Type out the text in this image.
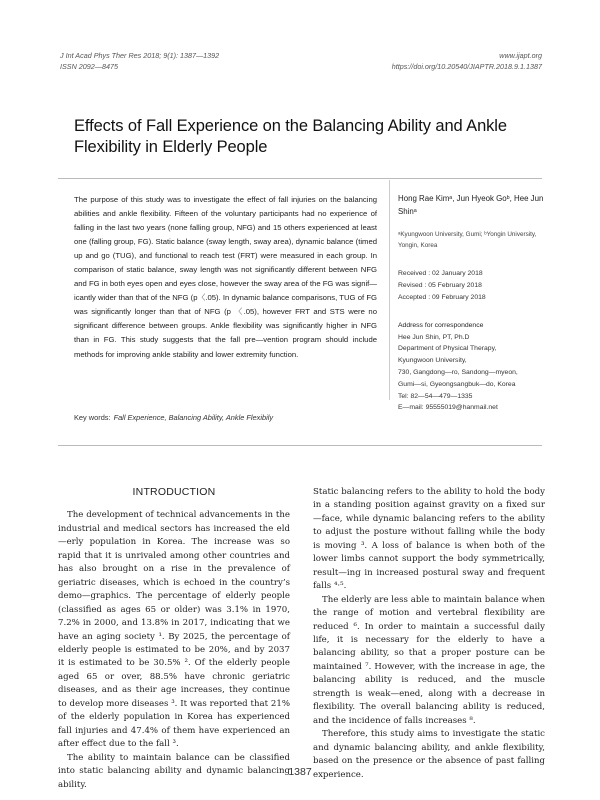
J Int Acad Phys Ther Res 2018; 9(1): 1387—1392
ISSN 2092—8475
www.ijapt.org
https://doi.org/10.20540/JIAPTR.2018.9.1.1387
Effects of Fall Experience on the Balancing Ability and Ankle Flexibility in Elderly People
The purpose of this study was to investigate the effect of fall injuries on the balancing abilities and ankle flexibility. Fifteen of the voluntary participants had no experience of falling in the last two years (none falling group, NFG) and 15 others experienced at least one (falling group, FG). Static balance (sway length, sway area), dynamic balance (timed up and go (TUG), and functional to reach test (FRT) were measured in each group. In comparison of static balance, sway length was not significantly different between NFG and FG in both eyes open and eyes close, however the sway area of the FG was signif—icantly wider than that of the NFG (p〈.05). In dynamic balance comparisons, TUG of FG was significantly longer than that of NFG (p 〈.05), however FRT and STS were no significant difference between groups. Ankle flexibility was significantly higher in NFG than in FG. This study suggests that the fall pre—vention program should include methods for improving ankle stability and lower extremity function.
Hong Rae Kimᵃ, Jun Hyeok Goᵇ, Hee Jun Shinᵃ
ᵃKyungwoon University, Gumi; ᵇYongin University, Yongin, Korea
Received : 02 January 2018
Revised : 05 February 2018
Accepted : 09 February 2018
Address for correspondence
Hee Jun Shin, PT, Ph.D
Department of Physical Therapy,
Kyungwoon University,
730, Gangdong—ro, Sandong—myeon,
Gumi—si, Gyeongsangbuk—do, Korea
Tel: 82—54—479—1335
E—mail: 95555019@hanmail.net
Key words: Fall Experience, Balancing Ability, Ankle Flexibily
INTRODUCTION

The development of technical advancements in the industrial and medical sectors has increased the eld—erly population in Korea. The increase was so rapid that it is unrivaled among other countries and has also brought on a rise in the prevalence of geriatric diseases, which is echoed in the country’s demo—graphics. The percentage of elderly people (classified as ages 65 or older) was 3.1% in 1970, 7.2% in 2000, and 13.8% in 2017, indicating that we have an aging society ¹. By 2025, the percentage of elderly people is estimated to be 20%, and by 2037 it is estimated to be 30.5% ². Of the elderly people aged 65 or over, 88.5% have chronic geriatric diseases, and as their age increases, they continue to develop more diseases ³. It was reported that 21% of the elderly population in Korea has experienced fall injuries and 47.4% of them have experienced an after effect due to the fall ³.

The ability to maintain balance can be classified into static balancing ability and dynamic balancing ability.

Static balancing refers to the ability to hold the body in a standing position against gravity on a fixed sur—face, while dynamic balancing refers to the ability to adjust the posture without falling while the body is moving ³. A loss of balance is when both of the lower limbs cannot support the body symmetrically, result—ing in increased postural sway and frequent falls ⁴·⁵.

The elderly are less able to maintain balance when the range of motion and vertebral flexibility are reduced ⁶. In order to maintain a successful daily life, it is necessary for the elderly to have a balancing ability, so that a proper posture can be maintained ⁷. However, with the increase in age, the balancing ability is reduced, and the muscle strength is weak—ened, along with a decrease in flexibility. The overall balancing ability is reduced, and the incidence of falls increases ⁸.

Therefore, this study aims to investigate the static and dynamic balancing ability, and ankle flexibility, based on the presence or the absence of past falling experience.

1387
